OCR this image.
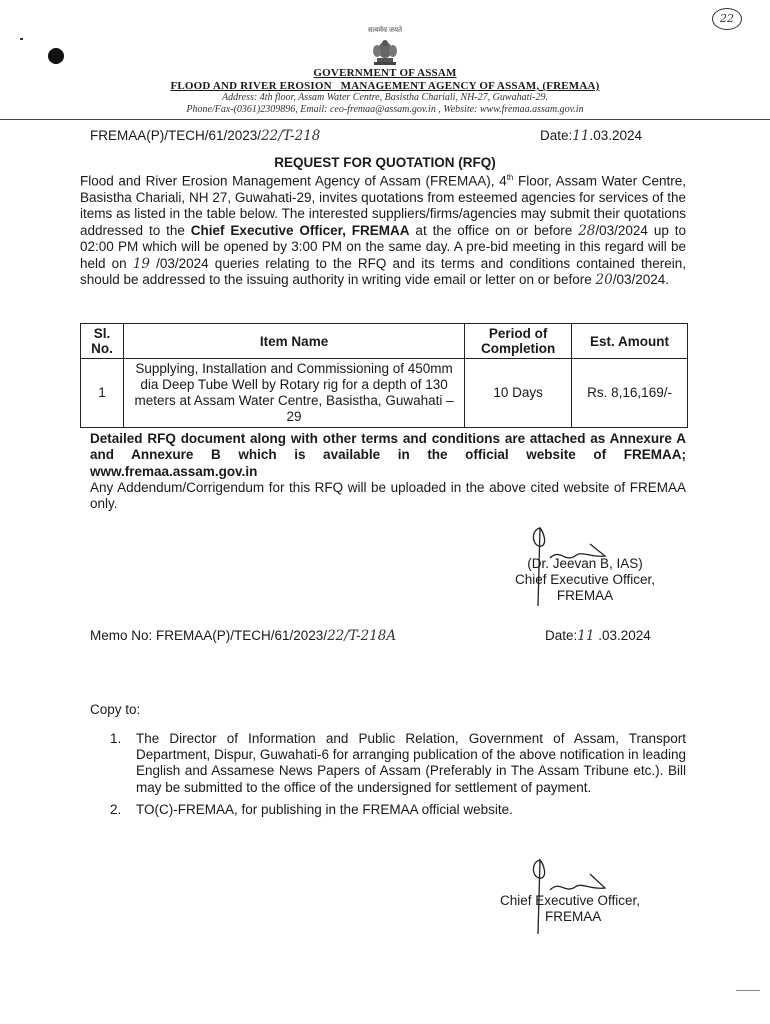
22
सत्यमेव जयते
GOVERNMENT OF ASSAM
FLOOD AND RIVER EROSION   MANAGEMENT AGENCY OF ASSAM, (FREMAA)
Address: 4th floor, Assam Water Centre, Basistha Chariali, NH-27, Guwahati-29.
Phone/Fax-(0361)2309896, Email: ceo-fremaa@assam.gov.in , Website: www.fremaa.assam.gov.in
FREMAA(P)/TECH/61/2023/22/T-218	Date:11.03.2024
REQUEST FOR QUOTATION (RFQ)
Flood and River Erosion Management Agency of Assam (FREMAA), 4th Floor, Assam Water Centre, Basistha Chariali, NH 27, Guwahati-29, invites quotations from esteemed agencies for services of the items as listed in the table below. The interested suppliers/firms/agencies may submit their quotations addressed to the Chief Executive Officer, FREMAA at the office on or before 28/03/2024 up to 02:00 PM which will be opened by 3:00 PM on the same day. A pre-bid meeting in this regard will be held on 19 /03/2024 queries relating to the RFQ and its terms and conditions contained therein, should be addressed to the issuing authority in writing vide email or letter on or before 20/03/2024.
Sl. No.	Item Name	Period of Completion	Est. Amount
1	Supplying, Installation and Commissioning of 450mm dia Deep Tube Well by Rotary rig for a depth of 130 meters at Assam Water Centre, Basistha, Guwahati – 29	10 Days	Rs. 8,16,169/-
Detailed RFQ document along with other terms and conditions are attached as Annexure A and Annexure B which is available in the official website of FREMAA; www.fremaa.assam.gov.in
Any Addendum/Corrigendum for this RFQ will be uploaded in the above cited website of FREMAA only.
(Dr. Jeevan B, IAS)
Chief Executive Officer,
FREMAA
Memo No: FREMAA(P)/TECH/61/2023/22/T-218A	Date:11 .03.2024
Copy to:
1. The Director of Information and Public Relation, Government of Assam, Transport Department, Dispur, Guwahati-6 for arranging publication of the above notification in leading English and Assamese News Papers of Assam (Preferably in The Assam Tribune etc.). Bill may be submitted to the office of the undersigned for settlement of payment.
2. TO(C)-FREMAA, for publishing in the FREMAA official website.
Chief Executive Officer,
FREMAA
